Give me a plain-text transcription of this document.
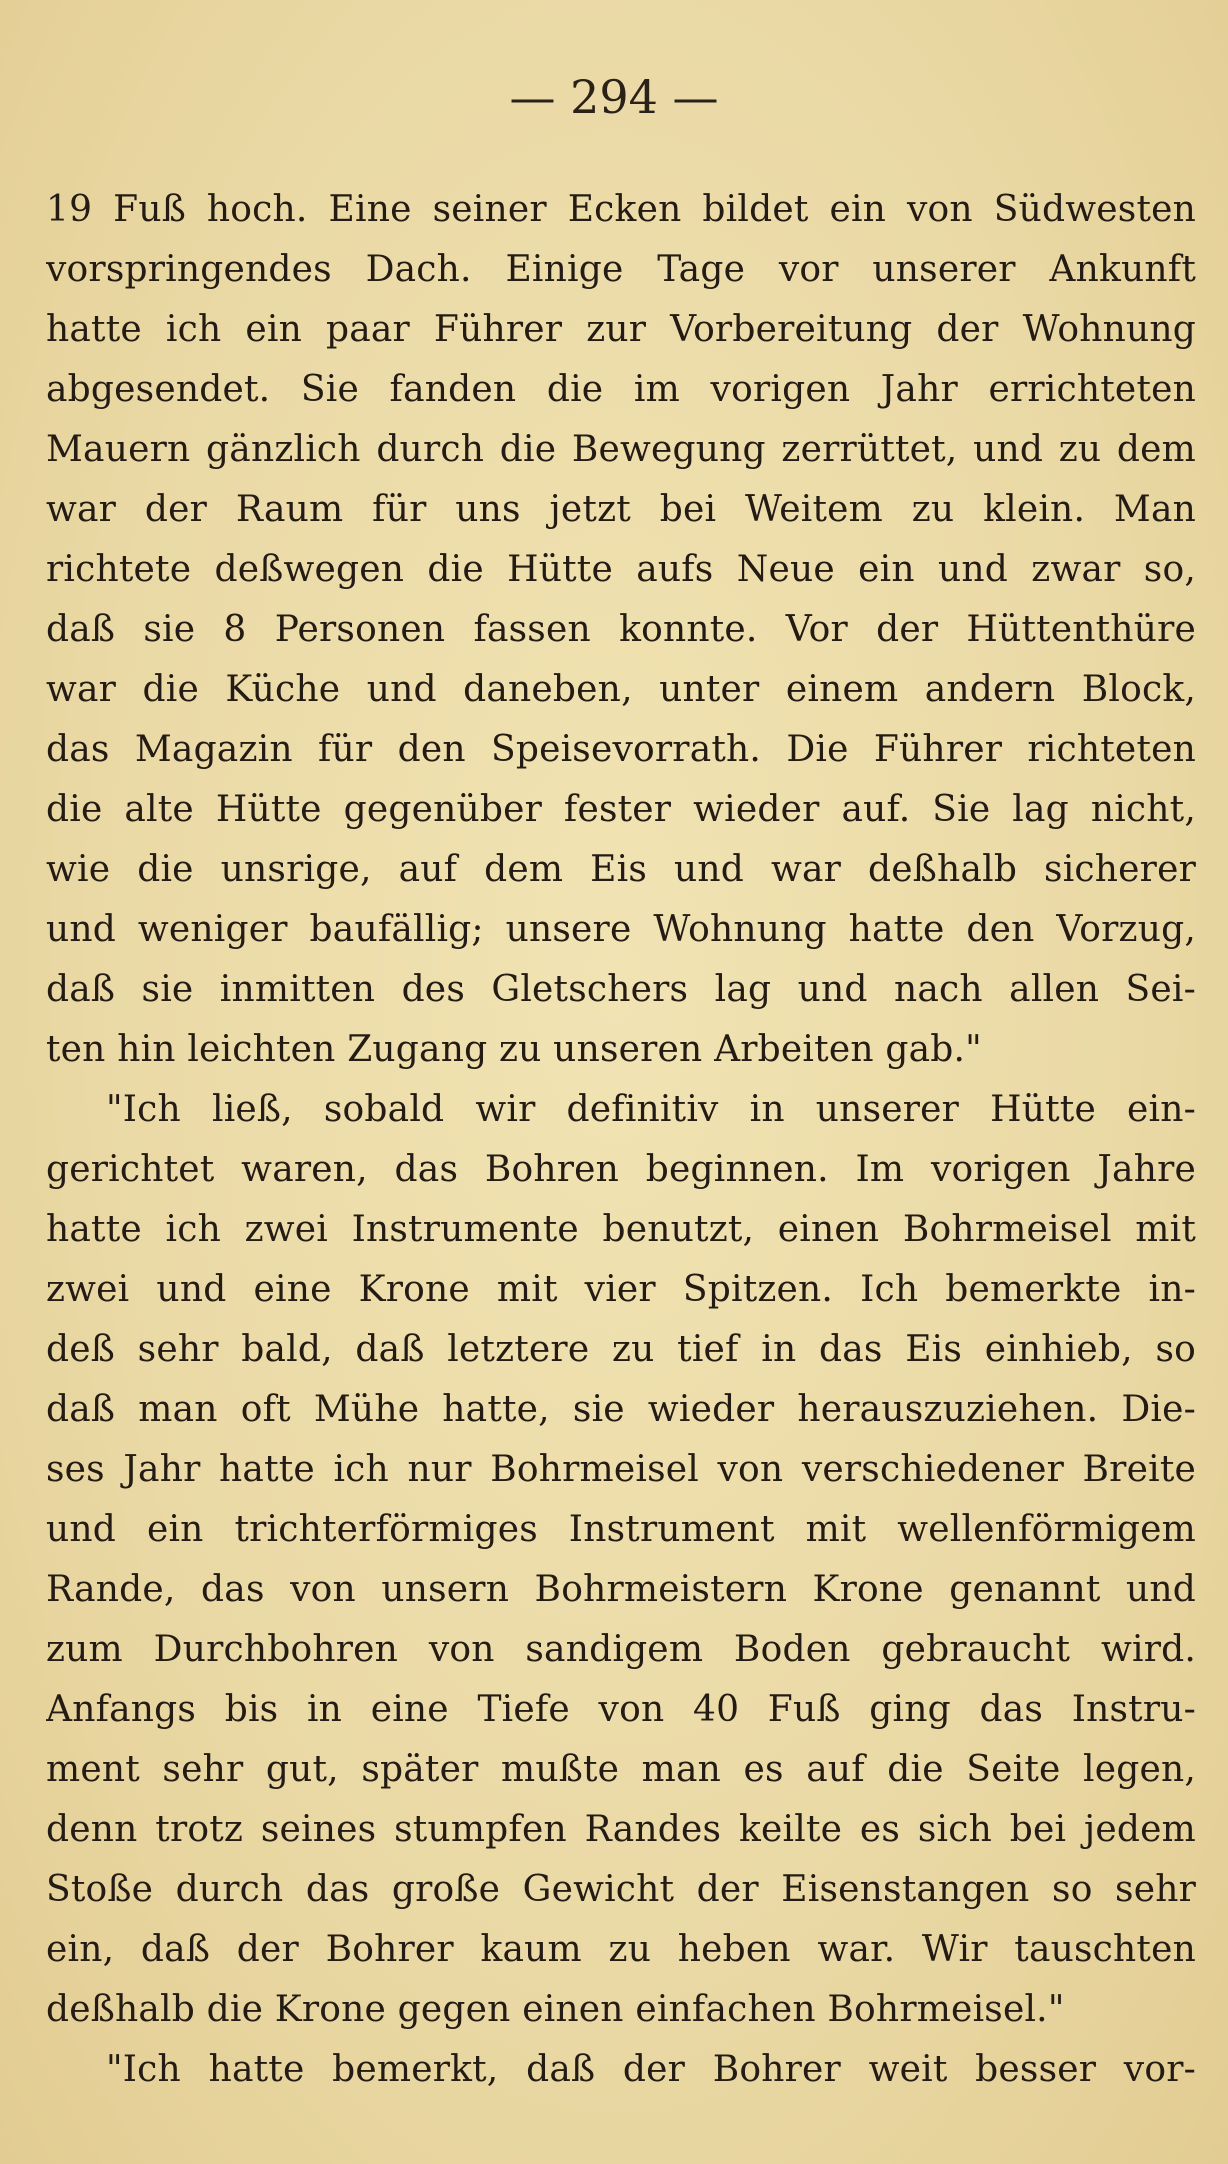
— 294 —
19 Fuß hoch. Eine seiner Ecken bildet ein von Südwesten
vorspringendes Dach. Einige Tage vor unserer Ankunft
hatte ich ein paar Führer zur Vorbereitung der Wohnung
abgesendet. Sie fanden die im vorigen Jahr errichteten
Mauern gänzlich durch die Bewegung zerrüttet, und zu dem
war der Raum für uns jetzt bei Weitem zu klein. Man
richtete deßwegen die Hütte aufs Neue ein und zwar so,
daß sie 8 Personen fassen konnte. Vor der Hüttenthüre
war die Küche und daneben, unter einem andern Block,
das Magazin für den Speisevorrath. Die Führer richteten
die alte Hütte gegenüber fester wieder auf. Sie lag nicht,
wie die unsrige, auf dem Eis und war deßhalb sicherer
und weniger baufällig; unsere Wohnung hatte den Vorzug,
daß sie inmitten des Gletschers lag und nach allen Sei-
ten hin leichten Zugang zu unseren Arbeiten gab."
"Ich ließ, sobald wir definitiv in unserer Hütte ein-
gerichtet waren, das Bohren beginnen. Im vorigen Jahre
hatte ich zwei Instrumente benutzt, einen Bohrmeisel mit
zwei und eine Krone mit vier Spitzen. Ich bemerkte in-
deß sehr bald, daß letztere zu tief in das Eis einhieb, so
daß man oft Mühe hatte, sie wieder herauszuziehen. Die-
ses Jahr hatte ich nur Bohrmeisel von verschiedener Breite
und ein trichterförmiges Instrument mit wellenförmigem
Rande, das von unsern Bohrmeistern Krone genannt und
zum Durchbohren von sandigem Boden gebraucht wird.
Anfangs bis in eine Tiefe von 40 Fuß ging das Instru-
ment sehr gut, später mußte man es auf die Seite legen,
denn trotz seines stumpfen Randes keilte es sich bei jedem
Stoße durch das große Gewicht der Eisenstangen so sehr
ein, daß der Bohrer kaum zu heben war. Wir tauschten
deßhalb die Krone gegen einen einfachen Bohrmeisel."
"Ich hatte bemerkt, daß der Bohrer weit besser vor-
